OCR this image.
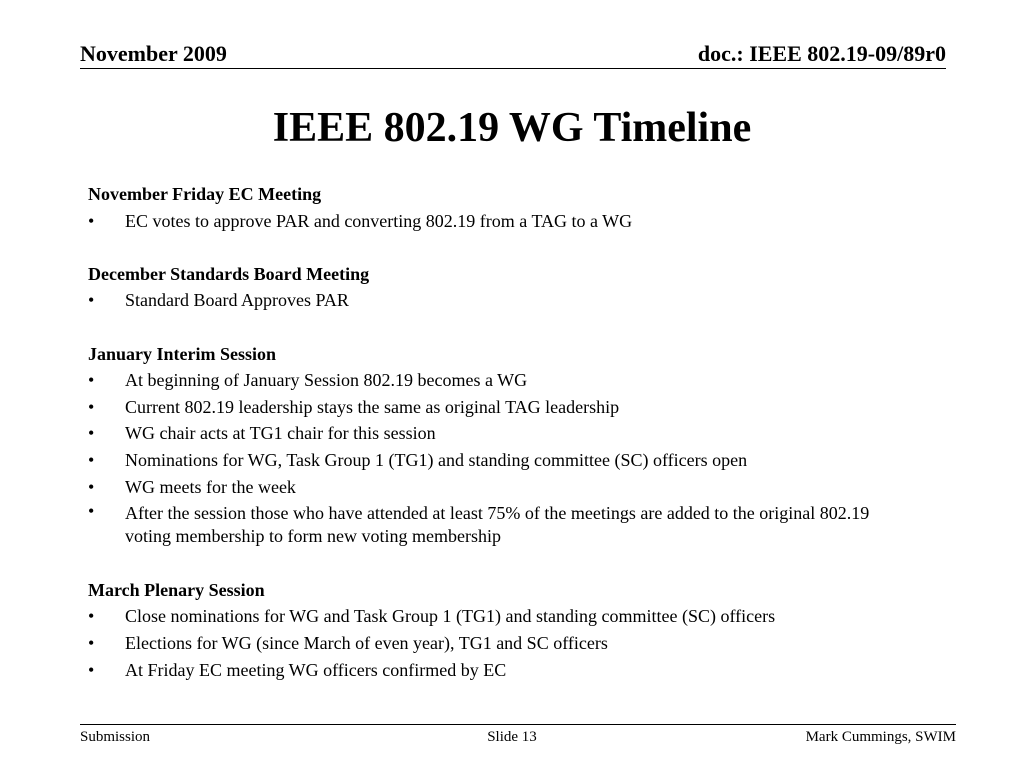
November 2009	doc.: IEEE 802.19-09/89r0
IEEE 802.19 WG Timeline
November Friday EC Meeting
• EC votes to approve PAR and converting 802.19 from a TAG to a WG
December Standards Board Meeting
• Standard Board Approves PAR
January Interim Session
• At beginning of January Session 802.19 becomes a WG
• Current 802.19 leadership stays the same as original TAG leadership
• WG chair acts at TG1 chair for this session
• Nominations for WG, Task Group 1 (TG1) and standing committee (SC) officers open
• WG meets for the week
• After the session those who have attended at least 75% of the meetings are added to the original 802.19 voting membership to form new voting membership
March Plenary Session
• Close nominations for WG and Task Group 1 (TG1) and standing committee (SC) officers
• Elections for WG (since March of even year), TG1 and SC officers
• At Friday EC meeting WG officers confirmed by EC
Submission	Slide 13	Mark Cummings, SWIM
